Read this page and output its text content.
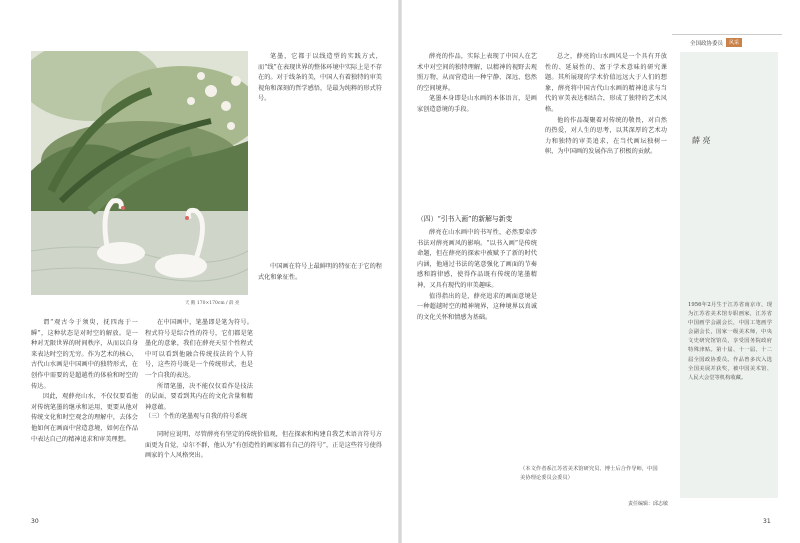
天 鹅 170×170cm / 薛 亮

谓“观古今于须臾，抚四海于一瞬”，这种状态是对时空的解放。是一种对无限世界的时间秩序，从而以自身来表达时空的无穷。作为艺术的核心，古代山水画是中国画中的独特形式，在创作中需要的是超越性的体验和时空的传达。

因此，观薛亮山水，不仅仅要看他对传统笔墨的继承和运用，更要从他对传统文化和时空观念的理解中，去体会他如何在画面中营造意境，如何在作品中表达自己的精神追求和审美理想。

笔墨，它都于以线造型的实践方式，而“线”在表现世界的整体环境中实际上是不存在的。对于线条的美，中国人有着独特的审美视角和深刻的哲学感悟，是最为纯粹的形式符号。

在中国画中，笔墨即是笔为符号。程式符号是综合性的符号，它们都是笔墨化的意象，我们在薛亮天星个性程式中可以看到他融合传统技法的个人符号，这些符号既是一个传统形式，也是一个自我的表达。

所谓笔墨，决不能仅仅看作是技法的层面，要看到其内在的文化含量和精神意蕴。

中国画在符号上最鲜明的特征在于它的程式化和象征性。

（三）个性的笔墨观与自我的符号系统

同时应说明，尽管薛亮有坚定的传统价值观，但在探索和构建自我艺术语言符号方面更为自觉，卓尔不群，他认为“有创造性的画家都有自己的符号”，正是这些符号使得画家的个人风格突出。

30
全国政协委员	风采

薛亮的作品，实际上表现了中国人在艺术中对空间的独特理解，以精神的视野去观照万物，从而营造出一种宁静、深远、悠然的空间境界。

笔墨本身即是山水画的本体语言，是画家创造意境的手段。

（四）“引书入画”的新解与新变

薛亮在山水画中的书写性，必然要牵涉书法对薛亮画风的影响。“以书入画”是传统命题，但在薛亮的探索中被赋予了新的时代内涵，他通过书法的笔意强化了画面的节奏感和韵律感，使得作品既有传统的笔墨精神，又具有现代的审美趣味。

值得指出的是，薛亮追求的画面意境是一种超越时空的精神境界，这种境界以真诚的文化关怀和情感为基础。

总之，薛亮的山水画风是一个具有开放性的、延展性的、富于学术意味的研究课题。其所展现的学术价值远远大于人们的想象，薛亮将中国古代山水画的精神追求与当代的审美表达相结合，形成了独特的艺术风格。

他的作品凝聚着对传统的敬畏，对自然的热爱，对人生的思考，以其深厚的艺术功力和独特的审美追求，在当代画坛独树一帜，为中国画的发展作出了积极的贡献。

（本文作者系江苏省美术馆研究员、博士后合作导师，中国美协理论委员会委员）
责任编辑：邱志敏
薛 亮
1956年2月生于江苏省南京市，现为江苏省美术馆专职画家，江苏省中国画学会副会长，中国工笔画学会副会长，国家一级美术师，中央文史研究馆馆员，享受国务院政府特殊津贴。第十届、十一届、十二届全国政协委员。作品曾多次入选全国美展并获奖，被中国美术馆、人民大会堂等机构收藏。
31
